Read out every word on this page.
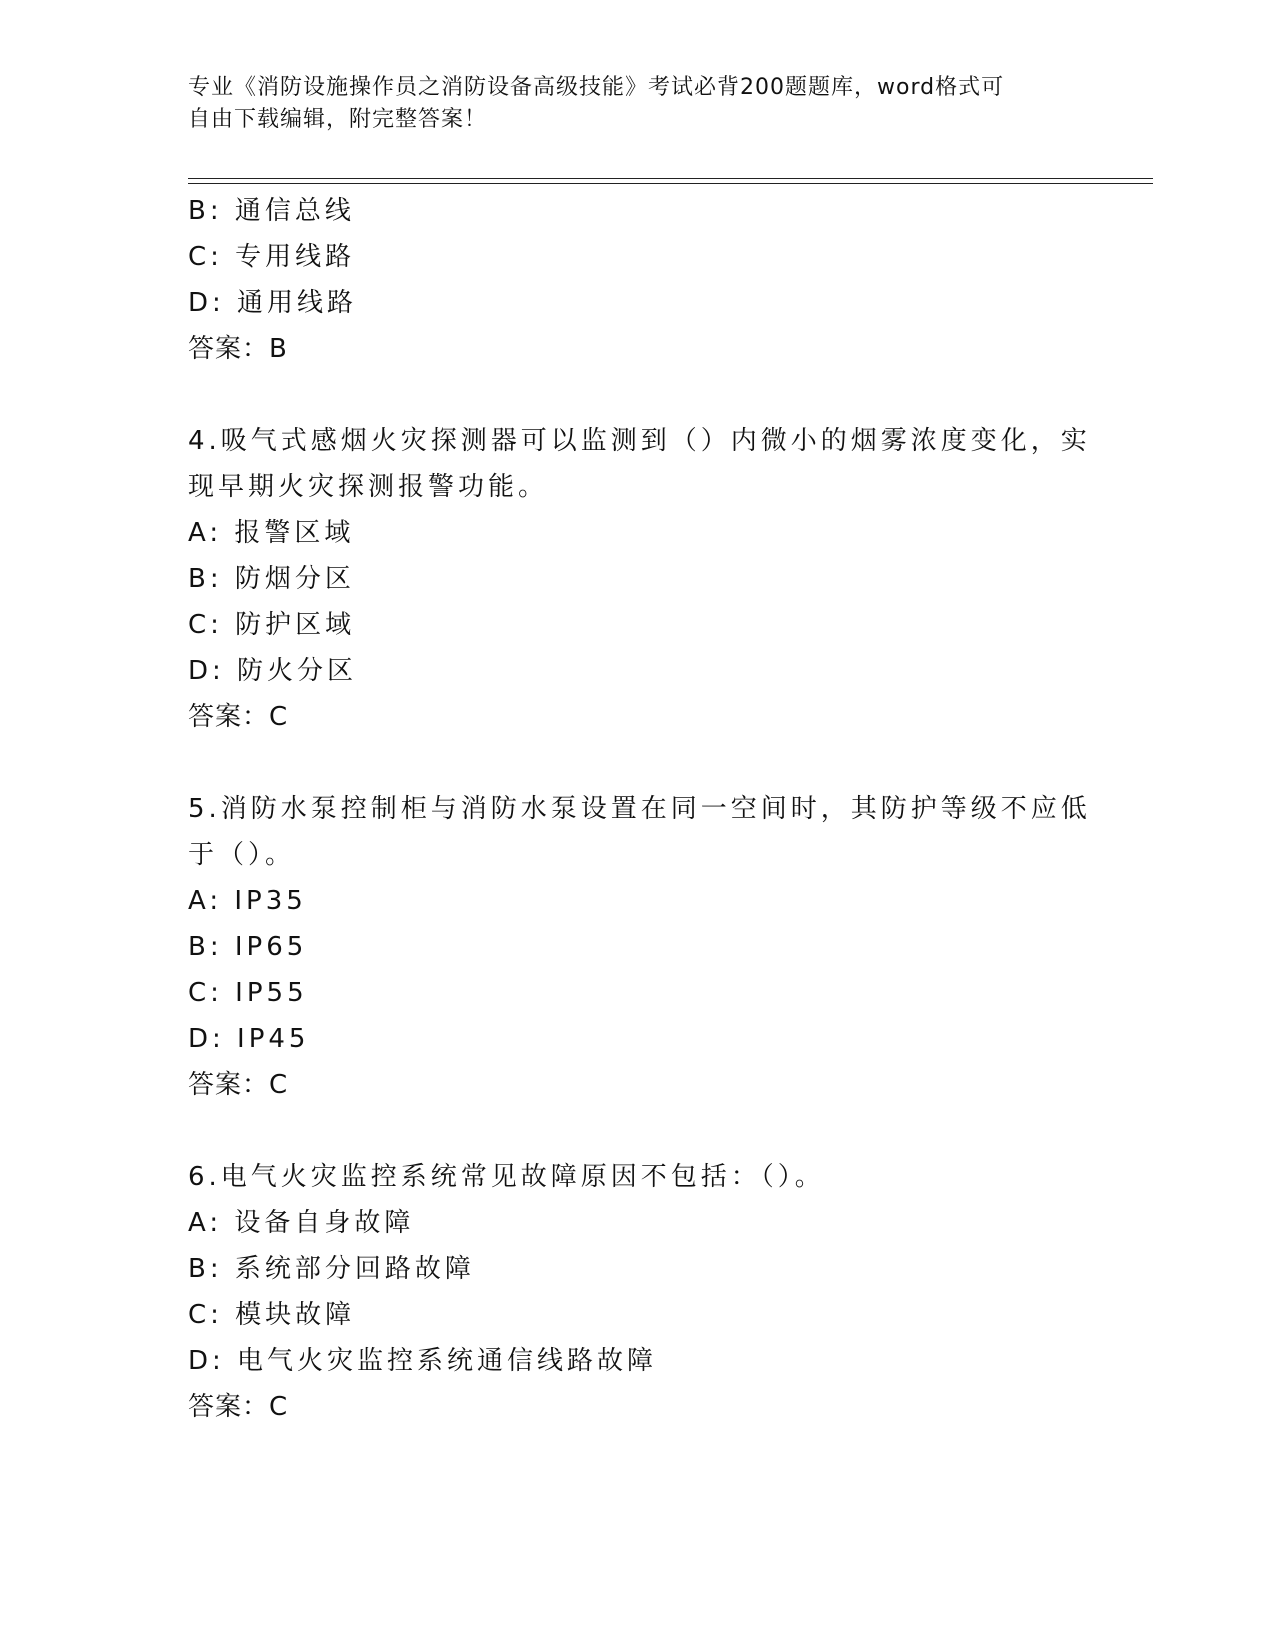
专业《消防设施操作员之消防设备高级技能》考试必背200题题库，word格式可
自由下载编辑，附完整答案！
B: 通信总线
C: 专用线路
D: 通用线路
答案：B
4.吸气式感烟火灾探测器可以监测到（）内微小的烟雾浓度变化，实
现早期火灾探测报警功能。
A: 报警区域
B: 防烟分区
C: 防护区域
D: 防火分区
答案：C
5.消防水泵控制柜与消防水泵设置在同一空间时，其防护等级不应低
于（）。
A: IP35
B: IP65
C: IP55
D: IP45
答案：C
6.电气火灾监控系统常见故障原因不包括：（）。
A: 设备自身故障
B: 系统部分回路故障
C: 模块故障
D: 电气火灾监控系统通信线路故障
答案：C
